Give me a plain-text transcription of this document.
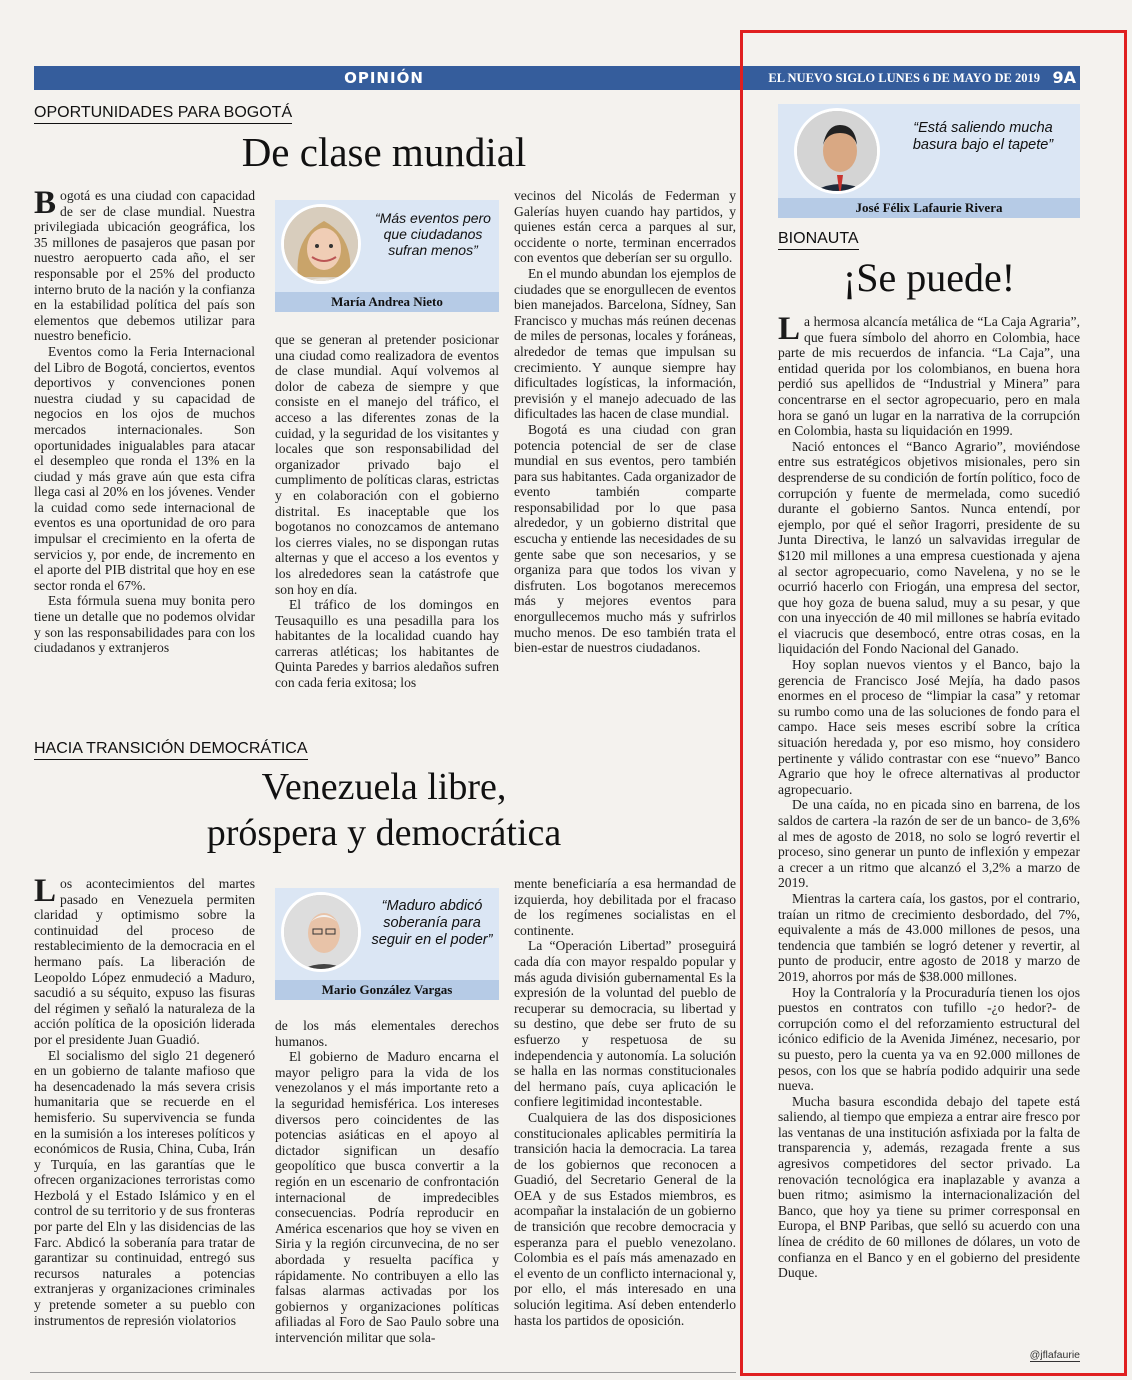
OPINIÓN	EL NUEVO SIGLO LUNES 6 DE MAYO DE 2019 9A
OPORTUNIDADES PARA BOGOTÁ
De clase mundial

Bogotá es una ciudad con capacidad de ser de clase mundial. Nuestra privilegiada ubicación geográfica, los 35 millones de pasajeros que pasan por nuestro aeropuerto cada año, el ser responsable por el 25% del producto interno bruto de la nación y la confianza en la estabilidad política del país son elementos que debemos utilizar para nuestro beneficio.

Eventos como la Feria Internacional del Libro de Bogotá, conciertos, eventos deportivos y convenciones ponen nuestra ciudad y su capacidad de negocios en los ojos de muchos mercados internacionales. Son oportunidades inigualables para atacar el desempleo que ronda el 13% en la ciudad y más grave aún que esta cifra llega casi al 20% en los jóvenes. Vender la cuidad como sede internacional de eventos es una oportunidad de oro para impulsar el crecimiento en la oferta de servicios y, por ende, de incremento en el aporte del PIB distrital que hoy en ese sector ronda el 67%.

Esta fórmula suena muy bonita pero tiene un detalle que no podemos olvidar y son las responsabilidades para con los ciudadanos y extranjeros

“Más eventos pero que ciudadanos sufran menos”
María Andrea Nieto

que se generan al pretender posicionar una ciudad como realizadora de eventos de clase mundial. Aquí volvemos al dolor de cabeza de siempre y que consiste en el manejo del tráfico, el acceso a las diferentes zonas de la cuidad, y la seguridad de los visitantes y locales que son responsabilidad del organizador privado bajo el cumplimento de políticas claras, estrictas y en colaboración con el gobierno distrital. Es inaceptable que los bogotanos no conozcamos de antemano los cierres viales, no se dispongan rutas alternas y que el acceso a los eventos y los alrededores sean la catástrofe que son hoy en día.

El tráfico de los domingos en Teusaquillo es una pesadilla para los habitantes de la localidad cuando hay carreras atléticas; los habitantes de Quinta Paredes y barrios aledaños sufren con cada feria exitosa; los

vecinos del Nicolás de Federman y Galerías huyen cuando hay partidos, y quienes están cerca a parques al sur, occidente o norte, terminan encerrados con eventos que deberían ser su orgullo.

En el mundo abundan los ejemplos de ciudades que se enorgullecen de eventos bien manejados. Barcelona, Sídney, San Francisco y muchas más reúnen decenas de miles de personas, locales y foráneas, alrededor de temas que impulsan su crecimiento. Y aunque siempre hay dificultades logísticas, la información, previsión y el manejo adecuado de las dificultades las hacen de clase mundial.

Bogotá es una ciudad con gran potencia potencial de ser de clase mundial en sus eventos, pero también para sus habitantes. Cada organizador de evento también comparte responsabilidad por lo que pasa alrededor, y un gobierno distrital que escucha y entiende las necesidades de su gente sabe que son necesarios, y se organiza para que todos los vivan y disfruten. Los bogotanos merecemos más y mejores eventos para enorgullecemos mucho más y sufrirlos mucho menos. De eso también trata el bien-estar de nuestros ciudadanos.

HACIA TRANSICIÓN DEMOCRÁTICA
Venezuela libre,
próspera y democrática

Los acontecimientos del martes pasado en Venezuela permiten claridad y optimismo sobre la continuidad del proceso de restablecimiento de la democracia en el hermano país. La liberación de Leopoldo López enmudeció a Maduro, sacudió a su séquito, expuso las fisuras del régimen y señaló la naturaleza de la acción política de la oposición liderada por el presidente Juan Guadió.

El socialismo del siglo 21 degeneró en un gobierno de talante mafioso que ha desencadenado la más severa crisis humanitaria que se recuerde en el hemisferio. Su supervivencia se funda en la sumisión a los intereses políticos y económicos de Rusia, China, Cuba, Irán y Turquía, en las garantías que le ofrecen organizaciones terroristas como Hezbolá y el Estado Islámico y en el control de su territorio y de sus fronteras por parte del Eln y las disidencias de las Farc. Abdicó la soberanía para tratar de garantizar su continuidad, entregó sus recursos naturales a potencias extranjeras y organizaciones criminales y pretende someter a su pueblo con instrumentos de represión violatorios

“Maduro abdicó soberanía para seguir en el poder”
Mario González Vargas

de los más elementales derechos humanos.

El gobierno de Maduro encarna el mayor peligro para la vida de los venezolanos y el más importante reto a la seguridad hemisférica. Los intereses diversos pero coincidentes de las potencias asiáticas en el apoyo al dictador significan un desafío geopolítico que busca convertir a la región en un escenario de confrontación internacional de impredecibles consecuencias. Podría reproducir en América escenarios que hoy se viven en Siria y la región circunvecina, de no ser abordada y resuelta pacífica y rápidamente. No contribuyen a ello las falsas alarmas activadas por los gobiernos y organizaciones políticas afiliadas al Foro de Sao Paulo sobre una intervención militar que sola-

mente beneficiaría a esa hermandad de izquierda, hoy debilitada por el fracaso de los regímenes socialistas en el continente.

La “Operación Libertad” proseguirá cada día con mayor respaldo popular y más aguda división gubernamental Es la expresión de la voluntad del pueblo de recuperar su democracia, su libertad y su destino, que debe ser fruto de su esfuerzo y respetuosa de su independencia y autonomía. La solución se halla en las normas constitucionales del hermano país, cuya aplicación le confiere legitimidad incontestable.

Cualquiera de las dos disposiciones constitucionales aplicables permitiría la transición hacia la democracia. La tarea de los gobiernos que reconocen a Guadió, del Secretario General de la OEA y de sus Estados miembros, es acompañar la instalación de un gobierno de transición que recobre democracia y esperanza para el pueblo venezolano. Colombia es el país más amenazado en el evento de un conflicto internacional y, por ello, el más interesado en una solución legitima. Así deben entenderlo hasta los partidos de oposición.

“Está saliendo mucha basura bajo el tapete”
José Félix Lafaurie Rivera
BIONAUTA
¡Se puede!

La hermosa alcancía metálica de “La Caja Agraria”, que fuera símbolo del ahorro en Colombia, hace parte de mis recuerdos de infancia. “La Caja”, una entidad querida por los colombianos, en buena hora perdió sus apellidos de “Industrial y Minera” para concentrarse en el sector agropecuario, pero en mala hora se ganó un lugar en la narrativa de la corrupción en Colombia, hasta su liquidación en 1999.

Nació entonces el “Banco Agrario”, moviéndose entre sus estratégicos objetivos misionales, pero sin desprenderse de su condición de fortín político, foco de corrupción y fuente de mermelada, como sucedió durante el gobierno Santos. Nunca entendí, por ejemplo, por qué el señor Iragorri, presidente de su Junta Directiva, le lanzó un salvavidas irregular de $120 mil millones a una empresa cuestionada y ajena al sector agropecuario, como Navelena, y no se le ocurrió hacerlo con Friogán, una empresa del sector, que hoy goza de buena salud, muy a su pesar, y que con una inyección de 40 mil millones se habría evitado el viacrucis que desembocó, entre otras cosas, en la liquidación del Fondo Nacional del Ganado.

Hoy soplan nuevos vientos y el Banco, bajo la gerencia de Francisco José Mejía, ha dado pasos enormes en el proceso de “limpiar la casa” y retomar su rumbo como una de las soluciones de fondo para el campo. Hace seis meses escribí sobre la crítica situación heredada y, por eso mismo, hoy considero pertinente y válido contrastar con ese “nuevo” Banco Agrario que hoy le ofrece alternativas al productor agropecuario.

De una caída, no en picada sino en barrena, de los saldos de cartera -la razón de ser de un banco- de 3,6% al mes de agosto de 2018, no solo se logró revertir el proceso, sino generar un punto de inflexión y empezar a crecer a un ritmo que alcanzó el 3,2% a marzo de 2019.

Mientras la cartera caía, los gastos, por el contrario, traían un ritmo de crecimiento desbordado, del 7%, equivalente a más de 43.000 millones de pesos, una tendencia que también se logró detener y revertir, al punto de producir, entre agosto de 2018 y marzo de 2019, ahorros por más de $38.000 millones.

Hoy la Contraloría y la Procuraduría tienen los ojos puestos en contratos con tufillo -¿o hedor?- de corrupción como el del reforzamiento estructural del icónico edificio de la Avenida Jiménez, necesario, por su puesto, pero la cuenta ya va en 92.000 millones de pesos, con los que se habría podido adquirir una sede nueva.

Mucha basura escondida debajo del tapete está saliendo, al tiempo que empieza a entrar aire fresco por las ventanas de una institución asfixiada por la falta de transparencia y, además, rezagada frente a sus agresivos competidores del sector privado. La renovación tecnológica era inaplazable y avanza a buen ritmo; asimismo la internacionalización del Banco, que hoy ya tiene su primer corresponsal en Europa, el BNP Paribas, que selló su acuerdo con una línea de crédito de 60 millones de dólares, un voto de confianza en el Banco y en el gobierno del presidente Duque.

@jflafaurie
